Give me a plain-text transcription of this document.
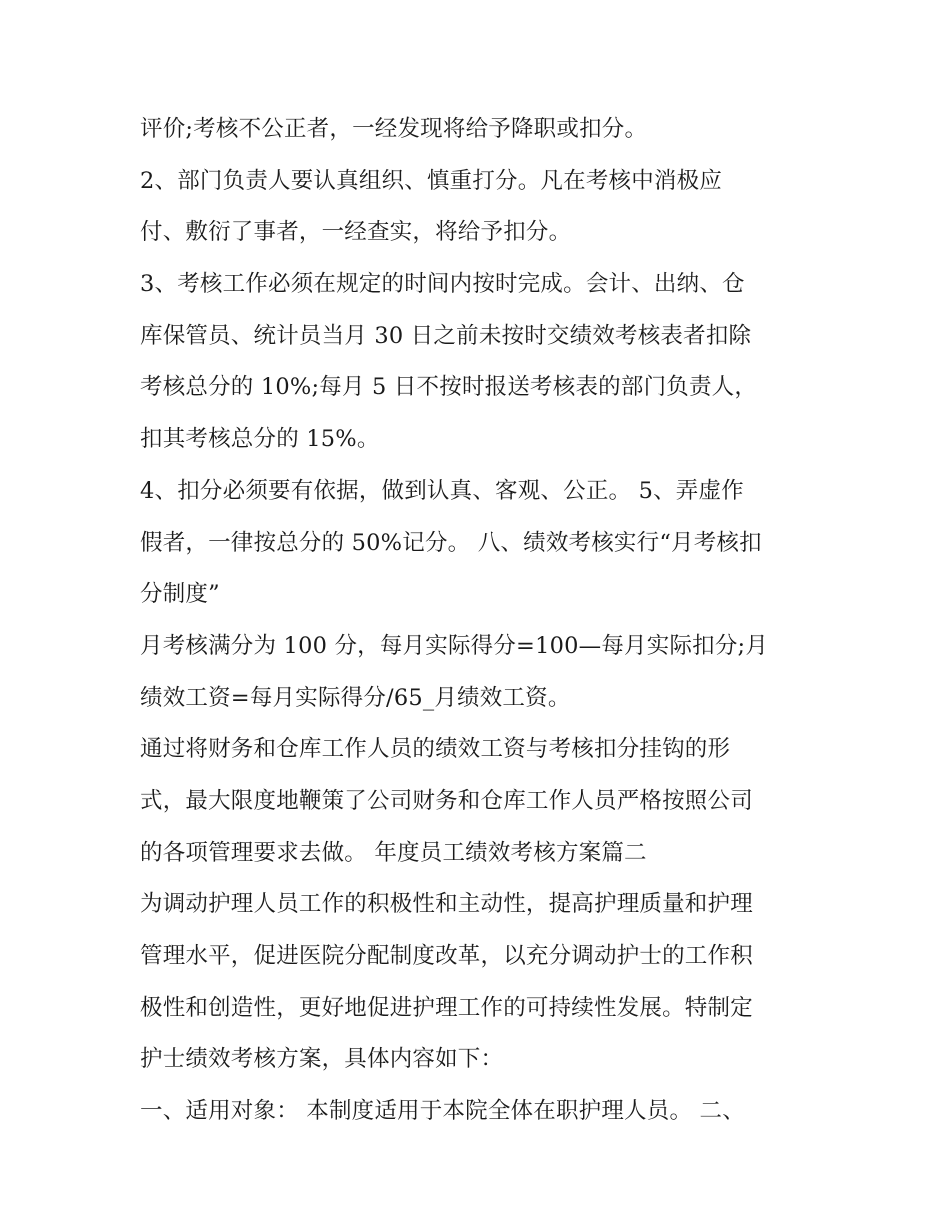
评价;考核不公正者，一经发现将给予降职或扣分。
2、部门负责人要认真组织、慎重打分。凡在考核中消极应
付、敷衍了事者，一经查实，将给予扣分。
3、考核工作必须在规定的时间内按时完成。会计、出纳、仓
库保管员、统计员当月 30 日之前未按时交绩效考核表者扣除
考核总分的 10%;每月 5 日不按时报送考核表的部门负责人，
扣其考核总分的 15%。
4、扣分必须要有依据，做到认真、客观、公正。 5、弄虚作
假者，一律按总分的 50%记分。 八、绩效考核实行“月考核扣
分制度”
月考核满分为 100 分，每月实际得分=100—每月实际扣分;月
绩效工资=每月实际得分/65_月绩效工资。
通过将财务和仓库工作人员的绩效工资与考核扣分挂钩的形
式，最大限度地鞭策了公司财务和仓库工作人员严格按照公司
的各项管理要求去做。 年度员工绩效考核方案篇二
为调动护理人员工作的积极性和主动性，提高护理质量和护理
管理水平，促进医院分配制度改革，以充分调动护士的工作积
极性和创造性，更好地促进护理工作的可持续性发展。特制定
护士绩效考核方案，具体内容如下：
一、适用对象： 本制度适用于本院全体在职护理人员。 二、
